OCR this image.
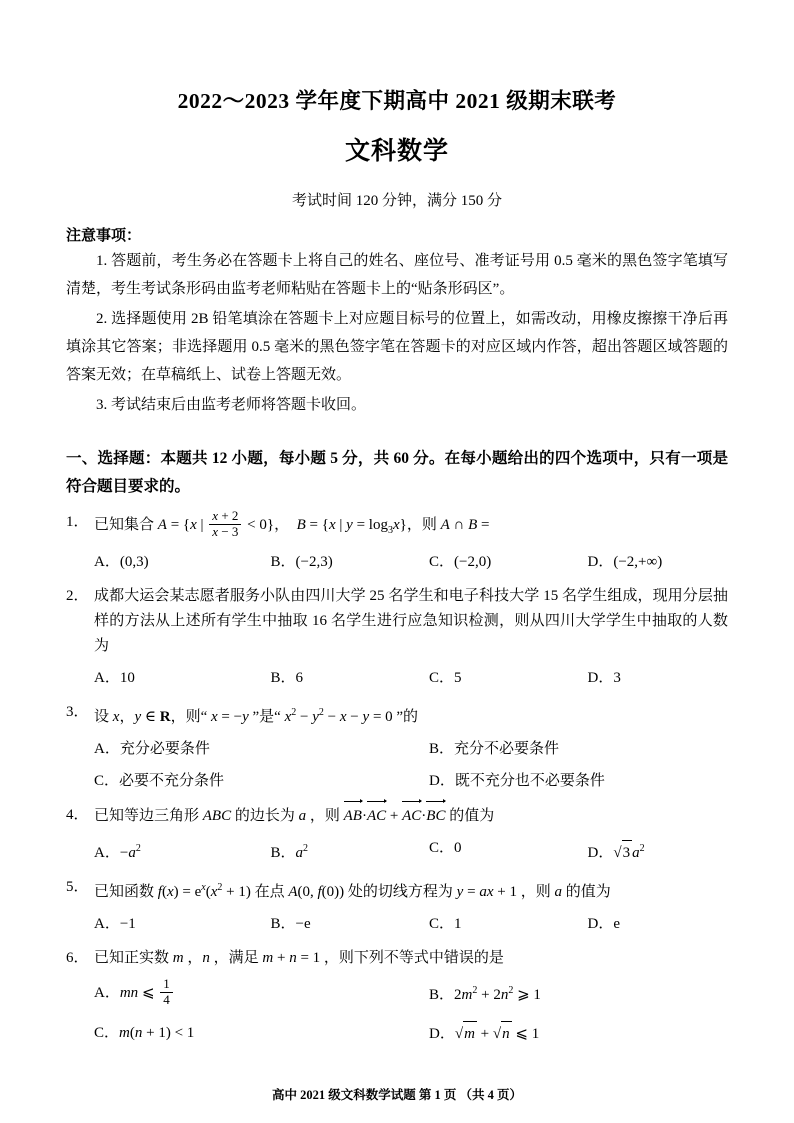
2022～2023 学年度下期高中 2021 级期末联考
文科数学
考试时间 120 分钟，满分 150 分
注意事项：
1. 答题前，考生务必在答题卡上将自己的姓名、座位号、准考证号用 0.5 毫米的黑色签字笔填写清楚，考生考试条形码由监考老师粘贴在答题卡上的“贴条形码区”。
2. 选择题使用 2B 铅笔填涂在答题卡上对应题目标号的位置上，如需改动，用橡皮擦擦干净后再填涂其它答案；非选择题用 0.5 毫米的黑色签字笔在答题卡的对应区域内作答，超出答题区域答题的答案无效；在草稿纸上、试卷上答题无效。
3. 考试结束后由监考老师将答题卡收回。
一、选择题：本题共 12 小题，每小题 5 分，共 60 分。在每小题给出的四个选项中，只有一项是符合题目要求的。
1． 已知集合 A = {x | $\frac{x + 2}{x - 3} < 0$}，  B = {x | $y = \log_3x$}，则 A ∩ B =
A．(0,3)	B．(−2,3)	C．(−2,0)	D．(−2,+∞)
2． 成都大运会某志愿者服务小队由四川大学 25 名学生和电子科技大学 15 名学生组成，现用分层抽样的方法从上述所有学生中抽取 16 名学生进行应急知识检测，则从四川大学学生中抽取的人数为
A．10	B．6	C．5	D．3
3． 设 x，y ∈ R，则“ x = −y ”是“ $x^2 - y^2 - x - y = 0$ ”的
A．充分必要条件	B．充分不必要条件
C．必要不充分条件	D．既不充分也不必要条件
4． 已知等边三角形 ABC 的边长为 a ，则 AB·AC + AC·BC 的值为
A．$-a^2$	B．$a^2$	C．0	D．√3 $a^2$
5． 已知函数 $f(x) = e^x(x^2 + 1)$ 在点 A(0, f(0)) 处的切线方程为 y = ax + 1 ，则 a 的值为
A．−1	B．−e	C．1	D．e
6． 已知正实数 m ，n ，满足 m + n = 1 ，则下列不等式中错误的是
A．mn ⩽ $\frac{1}{4}$	B．$2m^2 + 2n^2$ ⩾ 1
C．m(n + 1) < 1	D．√m + √n ⩽ 1
高中 2021 级文科数学试题 第 1 页 （共 4 页）
